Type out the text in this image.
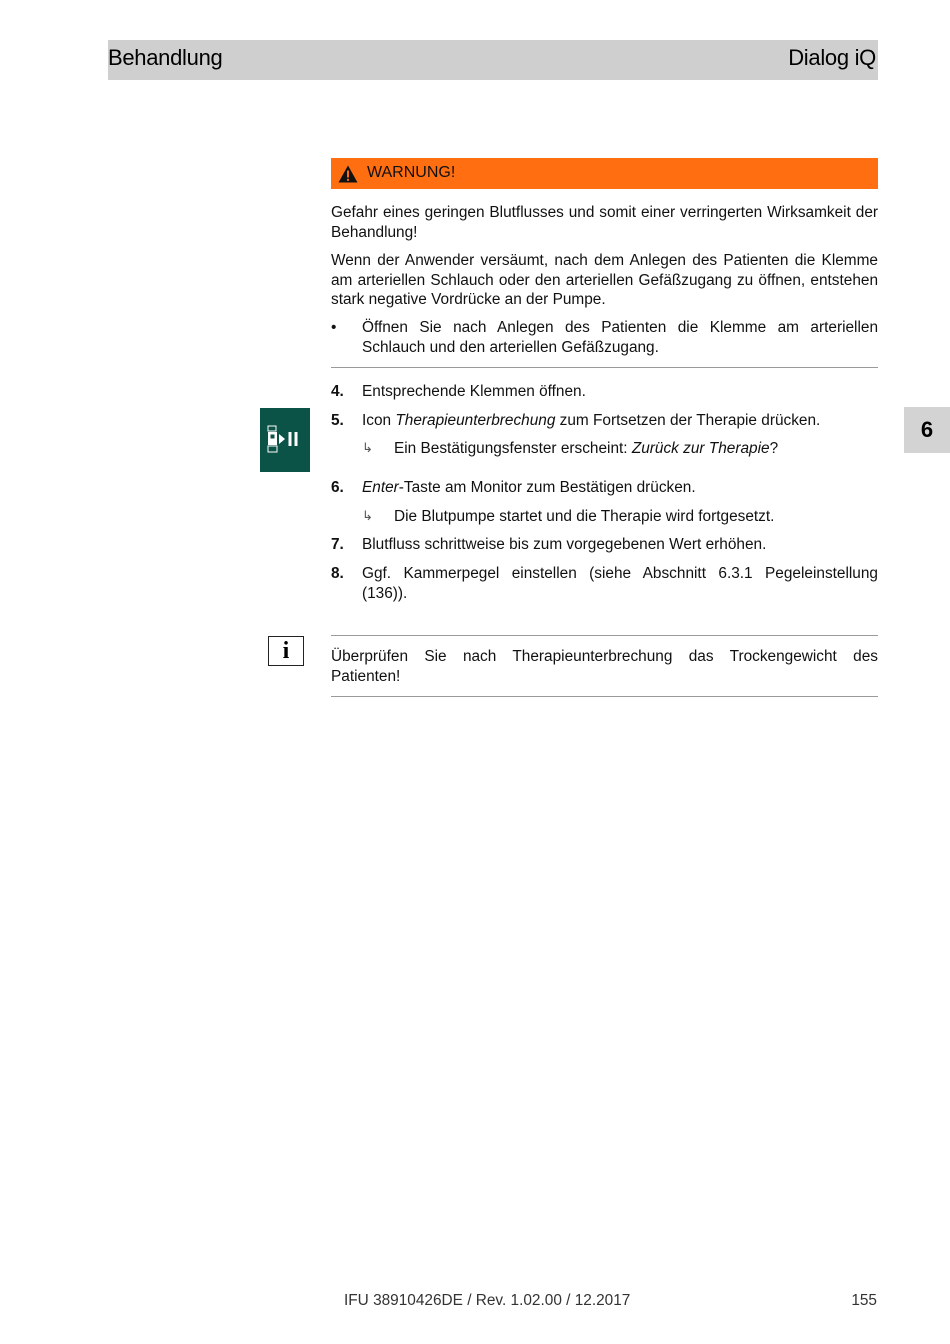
Behandlung	Dialog iQ
6
WARNUNG!
Gefahr eines geringen Blutflusses und somit einer verringerten Wirksamkeit der Behandlung!
Wenn der Anwender versäumt, nach dem Anlegen des Patienten die Klemme am arteriellen Schlauch oder den arteriellen Gefäßzugang zu öffnen, entstehen stark negative Vordrücke an der Pumpe.
• Öffnen Sie nach Anlegen des Patienten die Klemme am arteriellen Schlauch und den arteriellen Gefäßzugang.
4. Entsprechende Klemmen öffnen.
5. Icon Therapieunterbrechung zum Fortsetzen der Therapie drücken.
↳ Ein Bestätigungsfenster erscheint: Zurück zur Therapie?
6. Enter-Taste am Monitor zum Bestätigen drücken.
↳ Die Blutpumpe startet und die Therapie wird fortgesetzt.
7. Blutfluss schrittweise bis zum vorgegebenen Wert erhöhen.
8. Ggf. Kammerpegel einstellen (siehe Abschnitt 6.3.1 Pegeleinstellung (136)).
i	Überprüfen Sie nach Therapieunterbrechung das Trockengewicht des Patienten!
IFU 38910426DE / Rev. 1.02.00 / 12.2017	155
